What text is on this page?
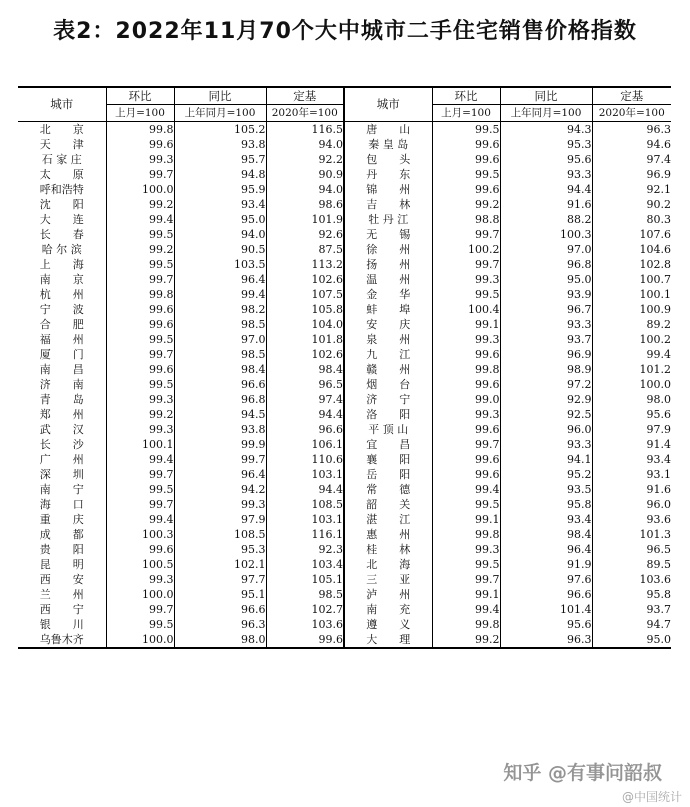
表2：2022年11月70个大中城市二手住宅销售价格指数
城市	环比	同比	定基	城市	环比	同比	定基
	上月=100	上年同月=100	2020年=100		上月=100	上年同月=100	2020年=100
北　　京	99.8	105.2	116.5	唐　　山	99.5	94.3	96.3
天　　津	99.6	93.8	94.0	秦 皇 岛	99.6	95.3	94.6
石 家 庄	99.3	95.7	92.2	包　　头	99.6	95.6	97.4
太　　原	99.7	94.8	90.9	丹　　东	99.5	93.3	96.9
呼和浩特	100.0	95.9	94.0	锦　　州	99.6	94.4	92.1
沈　　阳	99.2	93.4	98.6	吉　　林	99.2	91.6	90.2
大　　连	99.4	95.0	101.9	牡 丹 江	98.8	88.2	80.3
长　　春	99.5	94.0	92.6	无　　锡	99.7	100.3	107.6
哈 尔 滨	99.2	90.5	87.5	徐　　州	100.2	97.0	104.6
上　　海	99.5	103.5	113.2	扬　　州	99.7	96.8	102.8
南　　京	99.7	96.4	102.6	温　　州	99.3	95.0	100.7
杭　　州	99.8	99.4	107.5	金　　华	99.5	93.9	100.1
宁　　波	99.6	98.2	105.8	蚌　　埠	100.4	96.7	100.9
合　　肥	99.6	98.5	104.0	安　　庆	99.1	93.3	89.2
福　　州	99.5	97.0	101.8	泉　　州	99.3	93.7	100.2
厦　　门	99.7	98.5	102.6	九　　江	99.6	96.9	99.4
南　　昌	99.6	98.4	98.4	赣　　州	99.8	98.9	101.2
济　　南	99.5	96.6	96.5	烟　　台	99.6	97.2	100.0
青　　岛	99.3	96.8	97.4	济　　宁	99.0	92.9	98.0
郑　　州	99.2	94.5	94.4	洛　　阳	99.3	92.5	95.6
武　　汉	99.3	93.8	96.6	平 顶 山	99.6	96.0	97.9
长　　沙	100.1	99.9	106.1	宜　　昌	99.7	93.3	91.4
广　　州	99.4	99.7	110.6	襄　　阳	99.6	94.1	93.4
深　　圳	99.7	96.4	103.1	岳　　阳	99.6	95.2	93.1
南　　宁	99.5	94.2	94.4	常　　德	99.4	93.5	91.6
海　　口	99.7	99.3	108.5	韶　　关	99.5	95.8	96.0
重　　庆	99.4	97.9	103.1	湛　　江	99.1	93.4	93.6
成　　都	100.3	108.5	116.1	惠　　州	99.8	98.4	101.3
贵　　阳	99.6	95.3	92.3	桂　　林	99.3	96.4	96.5
昆　　明	100.5	102.1	103.4	北　　海	99.5	91.9	89.5
西　　安	99.3	97.7	105.1	三　　亚	99.7	97.6	103.6
兰　　州	100.0	95.1	98.5	泸　　州	99.1	96.6	95.8
西　　宁	99.7	96.6	102.7	南　　充	99.4	101.4	93.7
银　　川	99.5	96.3	103.6	遵　　义	99.8	95.6	94.7
乌鲁木齐	100.0	98.0	99.6	大　　理	99.2	96.3	95.0
知乎 @有事问韶叔
@中国统计
